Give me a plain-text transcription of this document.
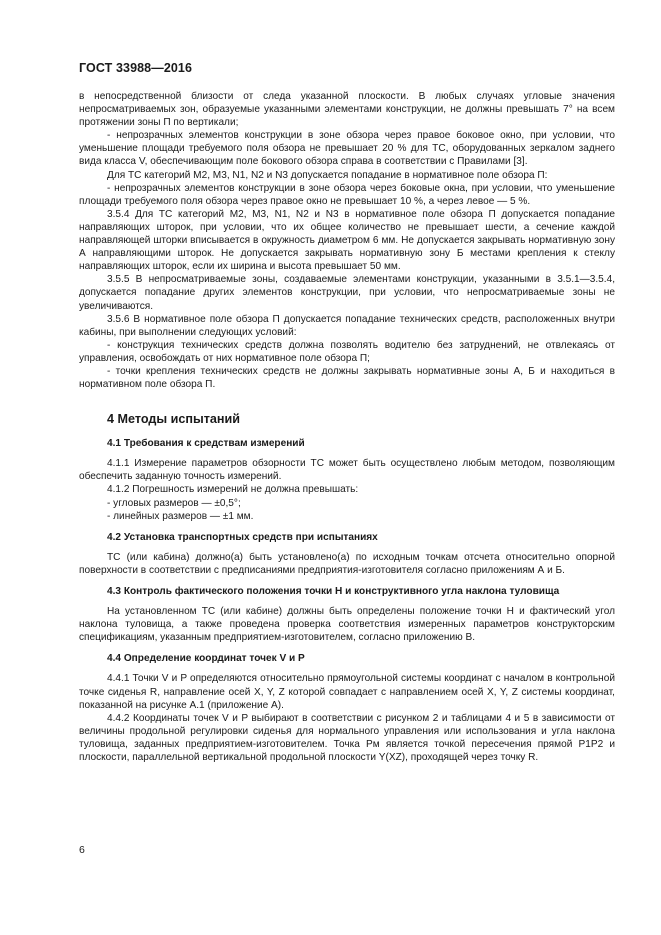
ГОСТ 33988—2016

в непосредственной близости от следа указанной плоскости. В любых случаях угловые значения непросматриваемых зон, образуемые указанными элементами конструкции, не должны превышать 7° на всем протяжении зоны П по вертикали;

- непрозрачных элементов конструкции в зоне обзора через правое боковое окно, при условии, что уменьшение площади требуемого поля обзора не превышает 20 % для ТС, оборудованных зеркалом заднего вида класса V, обеспечивающим поле бокового обзора справа в соответствии с Правилами [3].

Для ТС категорий M2, M3, N1, N2 и N3 допускается попадание в нормативное поле обзора П:

- непрозрачных элементов конструкции в зоне обзора через боковые окна, при условии, что уменьшение площади требуемого поля обзора через правое окно не превышает 10 %, а через левое — 5 %.

3.5.4 Для ТС категорий M2, M3, N1, N2 и N3 в нормативное поле обзора П допускается попадание направляющих шторок, при условии, что их общее количество не превышает шести, а сечение каждой направляющей шторки вписывается в окружность диаметром 6 мм. Не допускается закрывать нормативную зону А направляющими шторок. Не допускается закрывать нормативную зону Б местами крепления к стеклу направляющих шторок, если их ширина и высота превышает 50 мм.

3.5.5 В непросматриваемые зоны, создаваемые элементами конструкции, указанными в 3.5.1—3.5.4, допускается попадание других элементов конструкции, при условии, что непросматриваемые зоны не увеличиваются.

3.5.6 В нормативное поле обзора П допускается попадание технических средств, расположенных внутри кабины, при выполнении следующих условий:

- конструкция технических средств должна позволять водителю без затруднений, не отвлекаясь от управления, освобождать от них нормативное поле обзора П;

- точки крепления технических средств не должны закрывать нормативные зоны А, Б и находиться в нормативном поле обзора П.

4 Методы испытаний

4.1 Требования к средствам измерений

4.1.1 Измерение параметров обзорности ТС может быть осуществлено любым методом, позволяющим обеспечить заданную точность измерений.

4.1.2 Погрешность измерений не должна превышать:

- угловых размеров — ±0,5°;

- линейных размеров — ±1 мм.

4.2 Установка транспортных средств при испытаниях

ТС (или кабина) должно(а) быть установлено(а) по исходным точкам отсчета относительно опорной поверхности в соответствии с предписаниями предприятия-изготовителя согласно приложениям А и Б.

4.3 Контроль фактического положения точки H и конструктивного угла наклона туловища

На установленном ТС (или кабине) должны быть определены положение точки H и фактический угол наклона туловища, а также проведена проверка соответствия измеренных параметров конструкторским спецификациям, указанным предприятием-изготовителем, согласно приложению В.

4.4 Определение координат точек V и P

4.4.1 Точки V и P определяются относительно прямоугольной системы координат с началом в контрольной точке сиденья R, направление осей X, Y, Z которой совпадает с направлением осей X, Y, Z системы координат, показанной на рисунке А.1 (приложение А).

4.4.2 Координаты точек V и P выбирают в соответствии с рисунком 2 и таблицами 4 и 5 в зависимости от величины продольной регулировки сиденья для нормального управления или использования и угла наклона туловища, заданных предприятием-изготовителем. Точка Pм является точкой пересечения прямой P1P2 и плоскости, параллельной вертикальной продольной плоскости Y(XZ), проходящей через точку R.

6
